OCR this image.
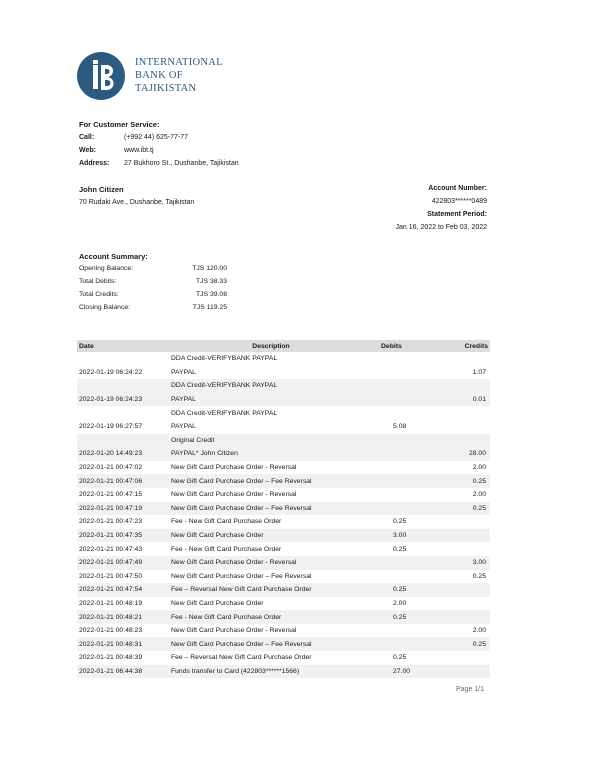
INTERNATIONAL
BANK OF
TAJIKISTAN
For Customer Service:
Call:	(+992 44) 625-77-77
Web:	www.ibt.tj
Address:	27 Bukhoro St., Dushanbe, Tajikistan
John Citizen
70 Rudaki Ave., Dushanbe, Tajikistan
Account Number:
422803******0489
Statement Period:
Jan 16, 2022 to Feb 03, 2022
Account Summary:
Opening Balance:	TJS 120.00
Total Debits:	TJS 38.33
Total Credits:	TJS 39.08
Closing Balance:	TJS 119.25
Date	Description	Debits	Credits
	DDA Credit-VERIFYBANK PAYPAL		
2022-01-19 06:24:22	PAYPAL		1.07
	DDA Credit-VERIFYBANK PAYPAL		
2022-01-19 06:24:23	PAYPAL		0.01
	DDA Credit-VERIFYBANK PAYPAL		
2022-01-19 06:27:57	PAYPAL	5.08	
	Original Credit		
2022-01-20 14:49:23	PAYPAL* John Citizen		28.00
2022-01-21 00:47:02	New Gift Card Purchase Order - Reversal		2.00
2022-01-21 00:47:06	New Gift Card Purchase Order – Fee Reversal		0.25
2022-01-21 00:47:15	New Gift Card Purchase Order - Reversal		2.00
2022-01-21 00:47:19	New Gift Card Purchase Order – Fee Reversal		0.25
2022-01-21 00:47:23	Fee - New Gift Card Purchase Order	0.25	
2022-01-21 00:47:35	New Gift Card Purchase Order	3.00	
2022-01-21 00:47:43	Fee - New Gift Card Purchase Order	0.25	
2022-01-21 00:47:49	New Gift Card Purchase Order - Reversal		3.00
2022-01-21 00:47:50	New Gift Card Purchase Order – Fee Reversal		0.25
2022-01-21 00:47:54	Fee – Reversal New Gift Card Purchase Order	0.25	
2022-01-21 00:48:19	New Gift Card Purchase Order	2.00	
2022-01-21 00:48:21	Fee - New Gift Card Purchase Order	0.25	
2022-01-21 00:48:23	New Gift Card Purchase Order - Reversal		2.00
2022-01-21 00:48:31	New Gift Card Purchase Order – Fee Reversal		0.25
2022-01-21 00:48:39	Fee – Reversal New Gift Card Purchase Order	0.25	
2022-01-21 06:44:38	Funds transfer to Card (422803******1566)	27.00	
Page 1/1
